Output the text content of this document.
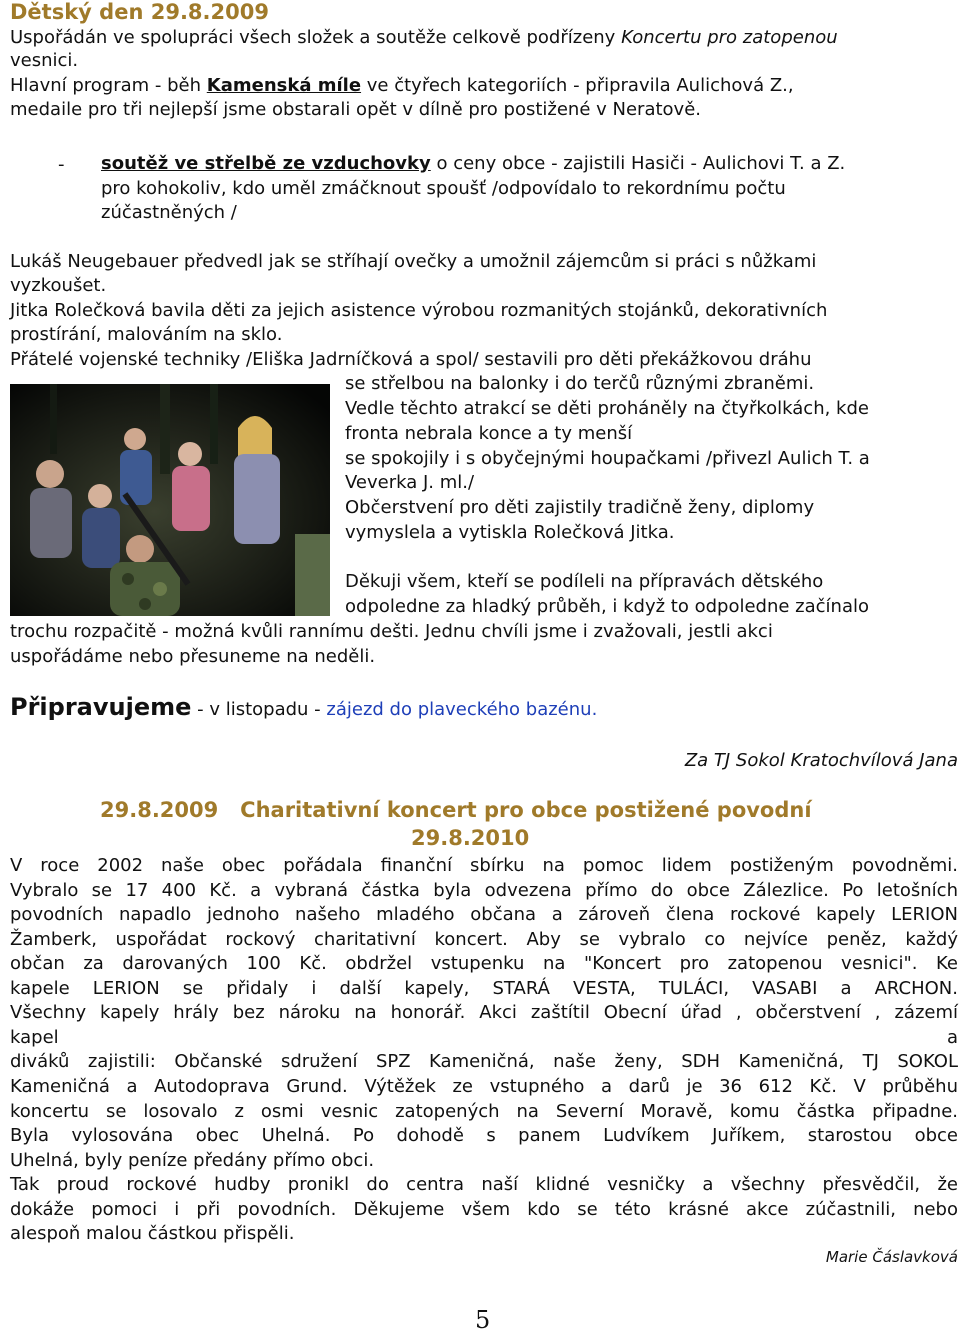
Dětský den 29.8.2009
Uspořádán ve spolupráci všech složek a soutěže celkově podřízeny Koncertu pro zatopenou
vesnici.
Hlavní program - běh Kamenská míle ve čtyřech kategoriích - připravila Aulichová Z.,
medaile pro tři nejlepší jsme obstarali opět v dílně pro postižené v Neratově.
- soutěž ve střelbě ze vzduchovky o ceny obce - zajistili Hasiči - Aulichovi T. a Z.
pro kohokoliv, kdo uměl zmáčknout spoušť /odpovídalo to rekordnímu počtu
zúčastněných /
Lukáš Neugebauer předvedl jak se stříhají ovečky a umožnil zájemcům si práci s nůžkami
vyzkoušet.
Jitka Rolečková bavila děti za jejich asistence výrobou rozmanitých stojánků, dekorativních
prostírání, malováním na sklo.
Přátelé vojenské techniky /Eliška Jadrníčková a spol/ sestavili pro děti překážkovou dráhu
se střelbou na balonky i do terčů různými zbraněmi.
Vedle těchto atrakcí se děti proháněly na čtyřkolkách, kde
fronta nebrala konce a ty menší
se spokojily i s obyčejnými houpačkami /přivezl Aulich T. a
Veverka J. ml./
Občerstvení pro děti zajistily tradičně ženy, diplomy
vymyslela a vytiskla Rolečková Jitka.
Děkuji všem, kteří se podíleli na přípravách dětského
odpoledne za hladký průběh, i když to odpoledne začínalo
trochu rozpačitě - možná kvůli rannímu dešti. Jednu chvíli jsme i zvažovali, jestli akci
uspořádáme nebo přesuneme na neděli.
Připravujeme - v listopadu - zájezd do plaveckého bazénu.
Za TJ Sokol Kratochvílová Jana
29.8.2009   Charitativní koncert pro obce postižené povodní
29.8.2010
V roce 2002 naše obec pořádala finanční sbírku na pomoc lidem postiženým povodněmi.
Vybralo se 17 400 Kč. a vybraná částka byla odvezena přímo do obce Zálezlice. Po letošních
povodních napadlo jednoho našeho mladého občana a zároveň člena rockové kapely LERION
Žamberk, uspořádat rockový charitativní koncert. Aby se vybralo co nejvíce peněz, každý
občan za darovaných 100 Kč. obdržel vstupenku na "Koncert pro zatopenou vesnici". Ke
kapele LERION se přidaly i další kapely, STARÁ VESTA, TULÁCI, VASABI a ARCHON.
Všechny kapely hrály bez nároku na honorář. Akci zaštítil Obecní úřad , občerstvení , zázemí
kapel	a
diváků zajistili: Občanské sdružení SPZ Kameničná, naše ženy, SDH Kameničná, TJ SOKOL
Kameničná a Autodoprava Grund. Výtěžek ze vstupného a darů je 36 612 Kč. V průběhu
koncertu se losovalo z osmi vesnic zatopených na Severní Moravě, komu částka připadne.
Byla vylosována obec Uhelná. Po dohodě s panem Ludvíkem Juříkem, starostou obce
Uhelná, byly peníze předány přímo obci.
Tak proud rockové hudby pronikl do centra naší klidné vesničky a všechny přesvědčil, že
dokáže pomoci i při povodních. Děkujeme všem kdo se této krásné akce zúčastnili, nebo
alespoň malou částkou přispěli.
Marie Čáslavková
5
